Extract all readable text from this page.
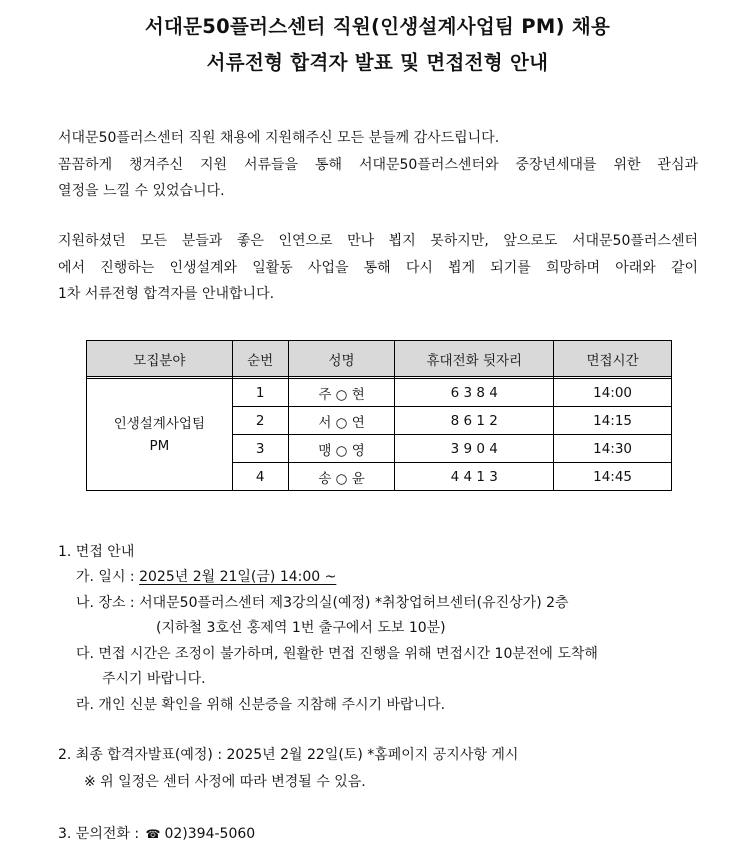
서대문50플러스센터 직원(인생설계사업팀 PM) 채용
서류전형 합격자 발표 및 면접전형 안내
서대문50플러스센터 직원 채용에 지원해주신 모든 분들께 감사드립니다.
꼼꼼하게 챙겨주신 지원 서류들을 통해 서대문50플러스센터와 중장년세대를 위한 관심과
열정을 느낄 수 있었습니다.
지원하셨던 모든 분들과 좋은 인연으로 만나 뵙지 못하지만, 앞으로도 서대문50플러스센터
에서 진행하는 인생설계와 일활동 사업을 통해 다시 뵙게 되기를 희망하며 아래와 같이
1차 서류전형 합격자를 안내합니다.
모집분야	순번	성명	휴대전화 뒷자리	면접시간

인생설계사업팀
PM	1	주 ○ 현	6 3 8 4	14:00
	2	서 ○ 연	8 6 1 2	14:15
	3	맹 ○ 영	3 9 0 4	14:30
	4	송 ○ 윤	4 4 1 3	14:45
1. 면접 안내
가. 일시 : 2025년 2월 21일(금) 14:00 ~
나. 장소 : 서대문50플러스센터 제3강의실(예정) *취창업허브센터(유진상가) 2층
(지하철 3호선 홍제역 1번 출구에서 도보 10분)
다. 면접 시간은 조정이 불가하며, 원활한 면접 진행을 위해 면접시간 10분전에 도착해
주시기 바랍니다.
라. 개인 신분 확인을 위해 신분증을 지참해 주시기 바랍니다.
2. 최종 합격자발표(예정) : 2025년 2월 22일(토) *홈페이지 공지사항 게시
※ 위 일정은 센터 사정에 따라 변경될 수 있음.
3. 문의전화 : ☎ 02)394-5060
